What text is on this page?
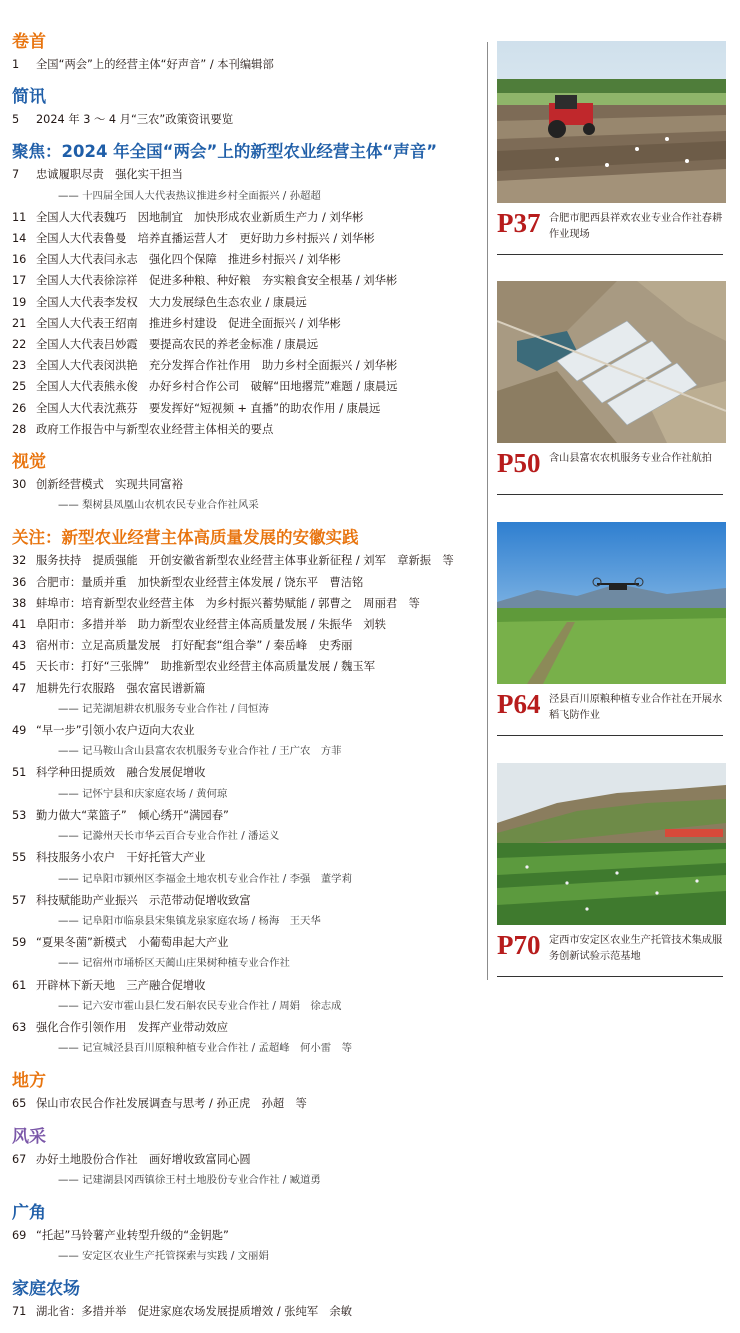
卷首
1	全国“两会”上的经营主体“好声音” / 本刊编辑部
简讯
5	2024 年 3 ～ 4 月“三农”政策资讯要览
聚焦：2024 年全国“两会”上的新型农业经营主体“声音”
7	忠诚履职尽责　强化实干担当
—— 十四届全国人大代表热议推进乡村全面振兴 / 孙超超
11 全国人大代表魏巧　因地制宜　加快形成农业新质生产力 / 刘华彬
14 全国人大代表鲁曼　培养直播运营人才　更好助力乡村振兴 / 刘华彬
16 全国人大代表闫永志　强化四个保障　推进乡村振兴 / 刘华彬
17 全国人大代表徐淙祥　促进多种粮、种好粮　夯实粮食安全根基 / 刘华彬
19 全国人大代表李发权　大力发展绿色生态农业 / 康晨远
21 全国人大代表王绍南　推进乡村建设　促进全面振兴 / 刘华彬
22 全国人大代表吕妙霞　要提高农民的养老金标准 / 康晨远
23 全国人大代表闵洪艳　充分发挥合作社作用　助力乡村全面振兴 / 刘华彬
25 全国人大代表熊永俊　办好乡村合作公司　破解“田地撂荒”难题 / 康晨远
26 全国人大代表沈燕芬　要发挥好“短视频 + 直播”的助农作用 / 康晨远
28 政府工作报告中与新型农业经营主体相关的要点
视觉
30 创新经营模式　实现共同富裕
—— 梨树县凤凰山农机农民专业合作社风采
关注：新型农业经营主体高质量发展的安徽实践
32 服务扶持　提质强能　开创安徽省新型农业经营主体事业新征程 / 刘军　章新振　等
36 合肥市：量质并重　加快新型农业经营主体发展 / 饶东平　曹洁铭
38 蚌埠市：培育新型农业经营主体　为乡村振兴蓄势赋能 / 郭曹之　周丽君　等
41 阜阳市：多措并举　助力新型农业经营主体高质量发展 / 朱振华　刘轶
43 宿州市：立足高质量发展　打好配套“组合拳” / 秦岳峰　史秀丽
45 天长市：打好“三张牌”　助推新型农业经营主体高质量发展 / 魏玉军
47 旭耕先行农服路　强农富民谱新篇
—— 记芜湖旭耕农机服务专业合作社 / 闫恒涛
49 “早一步”引领小农户迈向大农业
—— 记马鞍山含山县富农农机服务专业合作社 / 王广农　方菲
51 科学种田提质效　融合发展促增收
—— 记怀宁县和庆家庭农场 / 黄何琼
53 勤力做大“菜篮子”　倾心绣开“满园春”
—— 记滁州天长市华云百合专业合作社 / 潘运义
55 科技服务小农户　干好托管大产业
—— 记阜阳市颍州区李福金土地农机专业合作社 / 李强　董学莉
57 科技赋能助产业振兴　示范带动促增收致富
—— 记阜阳市临泉县宋集镇龙泉家庭农场 / 杨海　王天华
59 “夏果冬菌”新模式　小葡萄串起大产业
—— 记宿州市埇桥区天蔺山庄果树种植专业合作社
61 开辟林下新天地　三产融合促增收
—— 记六安市霍山县仁发石斛农民专业合作社 / 周娟　徐志成
63 强化合作引领作用　发挥产业带动效应
—— 记宣城泾县百川原粮种植专业合作社 / 孟超峰　何小雷　等
地方
65 保山市农民合作社发展调查与思考 / 孙正虎　孙超　等
风采
67 办好土地股份合作社　画好增收致富同心圆
—— 记建湖县冈西镇徐王村土地股份专业合作社 / 臧道勇
广角
69 “托起”马铃薯产业转型升级的“金钥匙”
—— 安定区农业生产托管探索与实践 / 文丽娟
家庭农场
71 湖北省：多措并举　促进家庭农场发展提质增效 / 张纯军　余敏
P37 合肥市肥西县祥欢农业专业合作社春耕作业现场
P50 含山县富农农机服务专业合作社航拍
P64 泾县百川原粮种植专业合作社在开展水稻飞防作业
P70 定西市安定区农业生产托管技术集成服务创新试验示范基地
